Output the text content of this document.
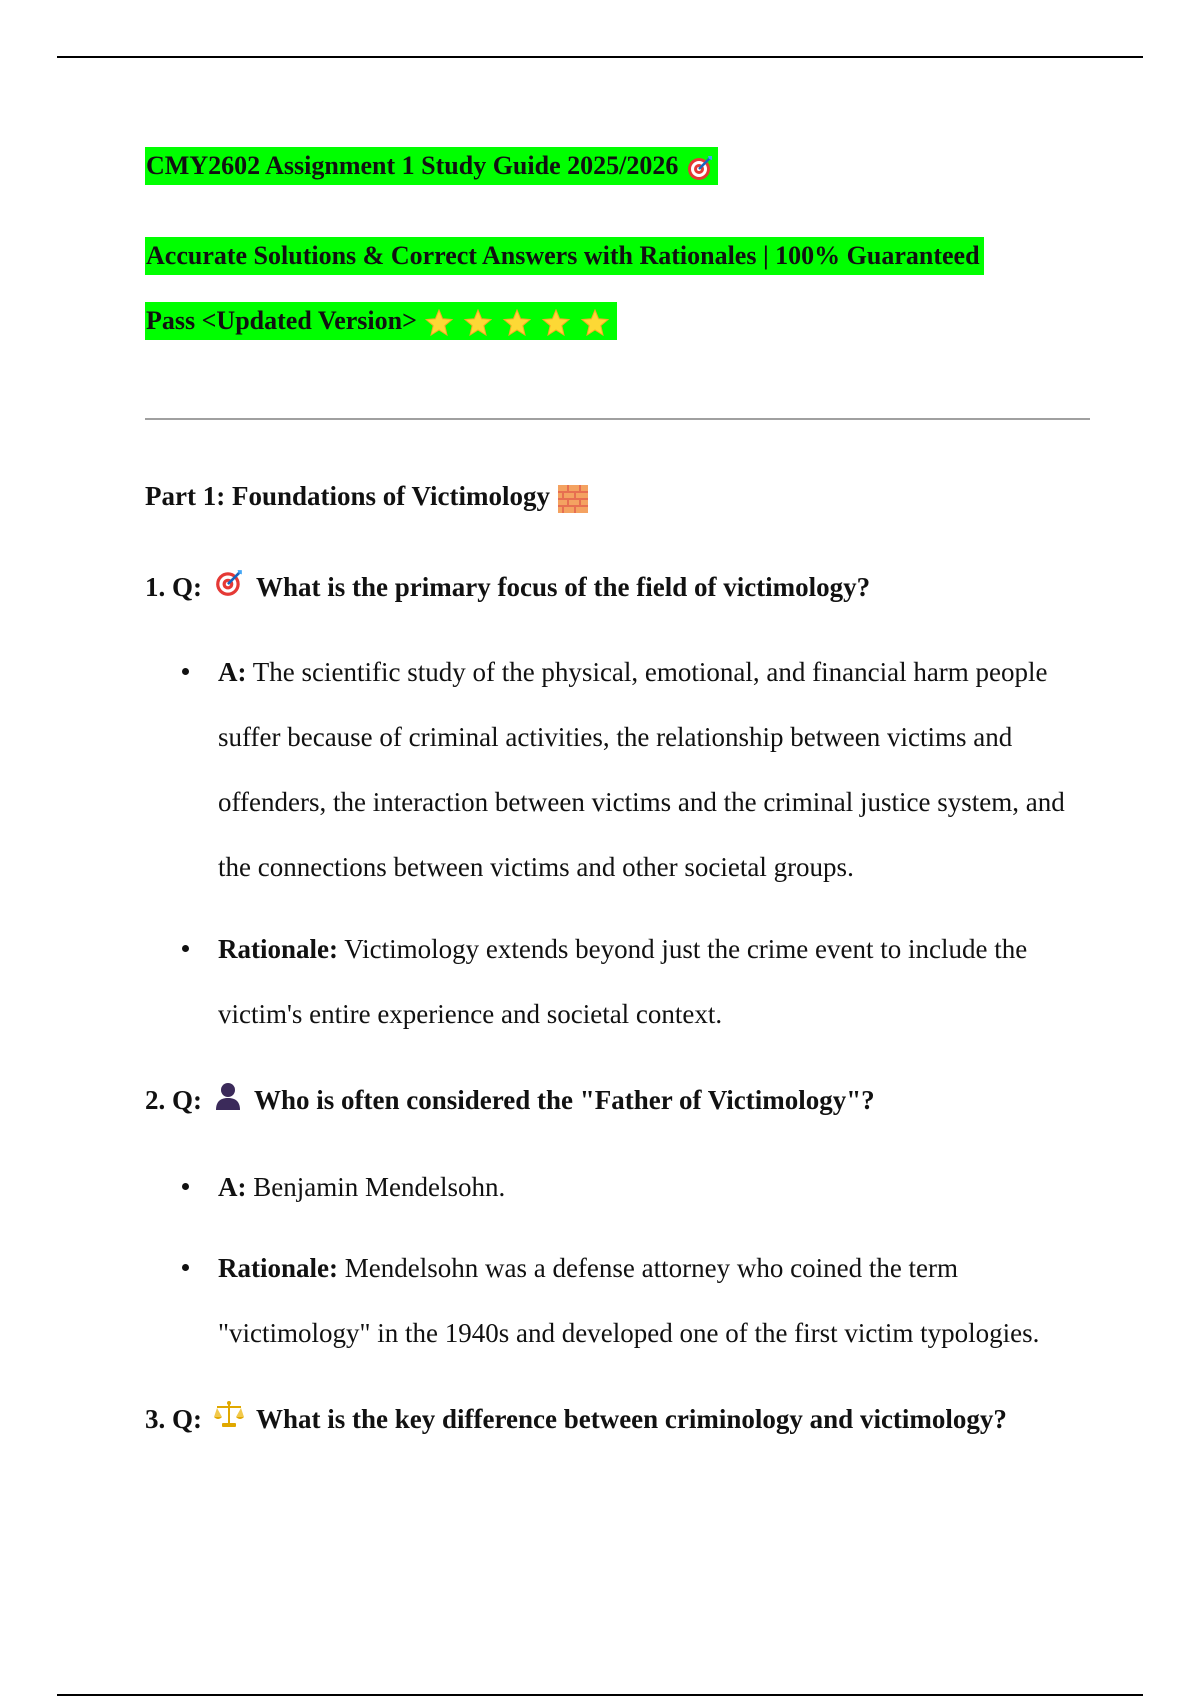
CMY2602 Assignment 1 Study Guide 2025/2026
Accurate Solutions & Correct Answers with Rationales | 100% Guaranteed
Pass <Updated Version>
Part 1: Foundations of Victimology
1. Q: What is the primary focus of the field of victimology?
A: The scientific study of the physical, emotional, and financial harm people suffer because of criminal activities, the relationship between victims and offenders, the interaction between victims and the criminal justice system, and the connections between victims and other societal groups.
Rationale: Victimology extends beyond just the crime event to include the victim's entire experience and societal context.
2. Q: Who is often considered the "Father of Victimology"?
A: Benjamin Mendelsohn.
Rationale: Mendelsohn was a defense attorney who coined the term "victimology" in the 1940s and developed one of the first victim typologies.
3. Q: What is the key difference between criminology and victimology?
